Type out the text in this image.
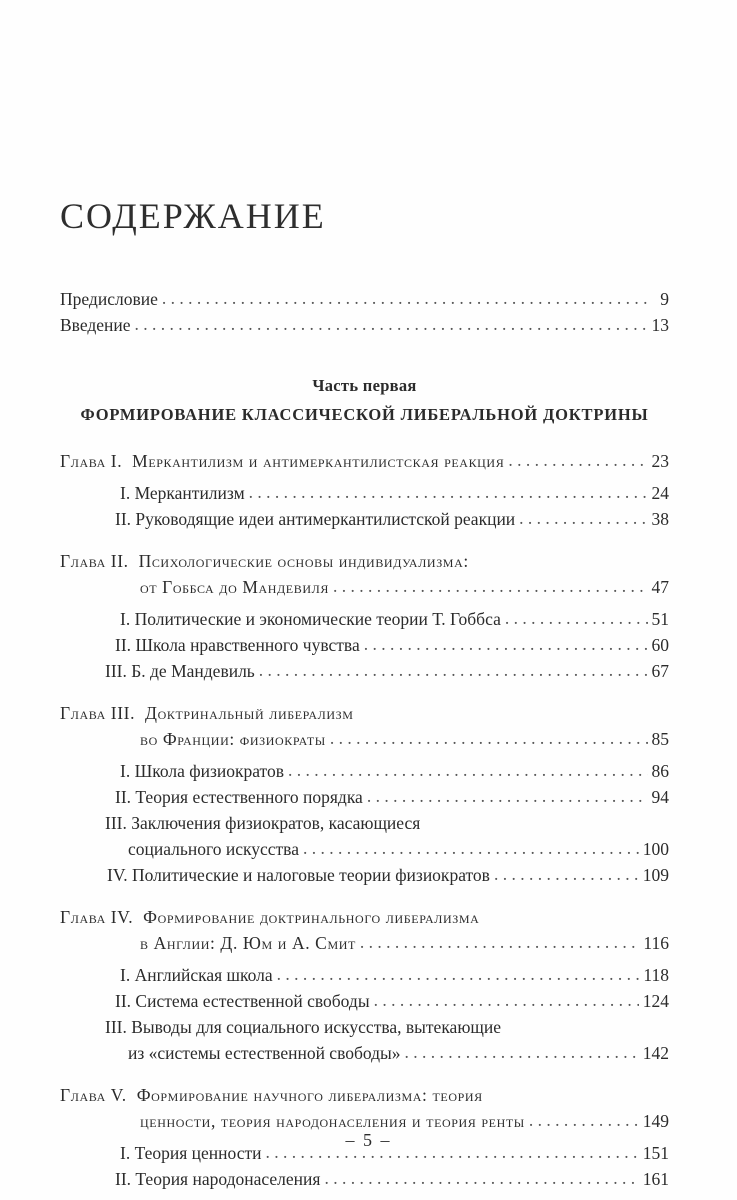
СОДЕРЖАНИЕ
Предисловие . . .	9
Введение . . .	13
Часть первая
ФОРМИРОВАНИЕ КЛАССИЧЕСКОЙ ЛИБЕРАЛЬНОЙ ДОКТРИНЫ
Глава I.  Меркантилизм и антимеркантилистская реакция . . .	23
I. Меркантилизм . . .	24
II. Руководящие идеи антимеркантилистской реакции . . .	38
Глава II.  Психологические основы индивидуализма:
от Гоббса до Мандевиля . . .	47
I. Политические и экономические теории Т. Гоббса . . .	51
II. Школа нравственного чувства . . .	60
III. Б. де Мандевиль . . .	67
Глава III.  Доктринальный либерализм
во Франции: физиократы . . .	85
I. Школа физиократов . . .	86
II. Теория естественного порядка . . .	94
III. Заключения физиократов, касающиеся
социального искусства . . .	100
IV. Политические и налоговые теории физиократов . . .	109
Глава IV.  Формирование доктринального либерализма
в Англии: Д. Юм и А. Смит . . .	116
I. Английская школа . . .	118
II. Система естественной свободы . . .	124
III. Выводы для социального искусства, вытекающие
из «системы естественной свободы» . . .	142
Глава V.  Формирование научного либерализма: теория
ценности, теория народонаселения и теория ренты . . .	149
I. Теория ценности . . .	151
II. Теория народонаселения . . .	161
– 5 –
